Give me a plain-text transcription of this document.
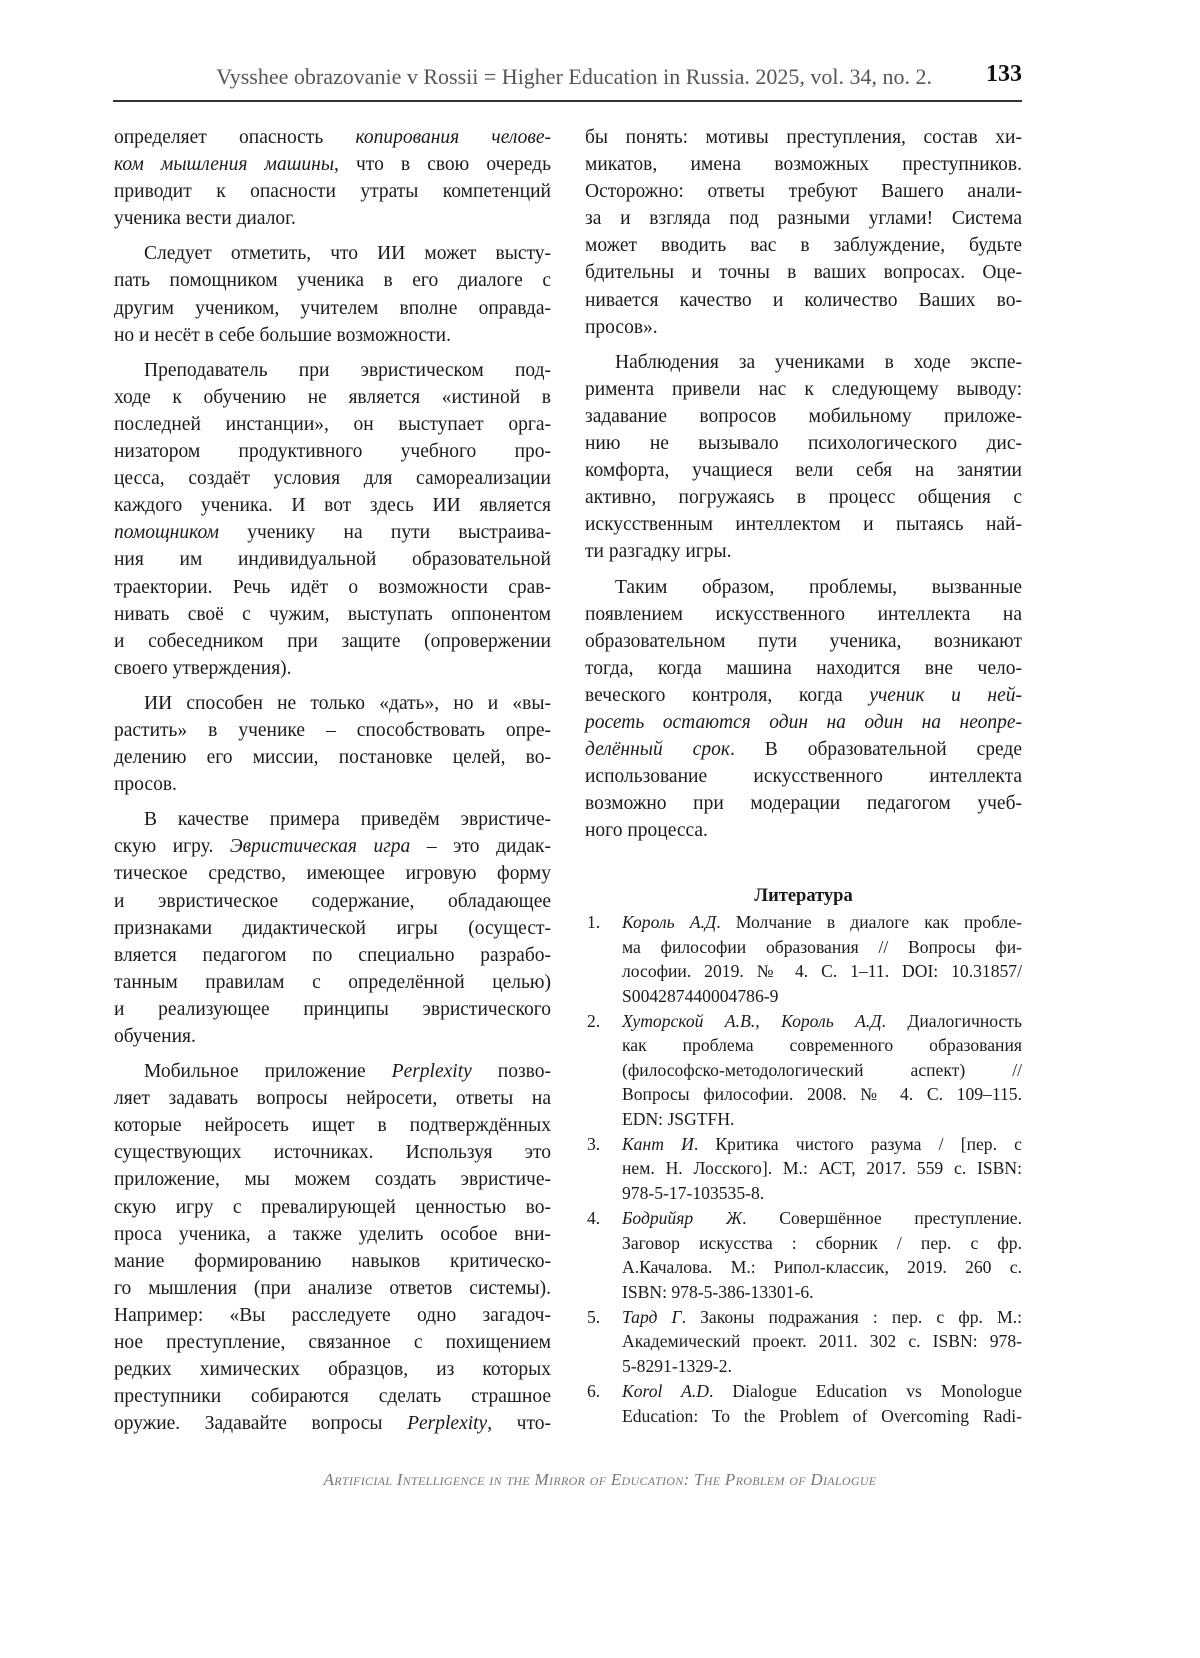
Vysshee obrazovanie v Rossii = Higher Education in Russia. 2025, vol. 34, no. 2. 133
определяет опасность копирования челове-
ком мышления машины, что в свою очередь
приводит к опасности утраты компетенций
ученика вести диалог.
Следует отметить, что ИИ может высту-
пать помощником ученика в его диалоге с
другим учеником, учителем вполне оправда-
но и несёт в себе большие возможности.
Преподаватель при эвристическом под-
ходе к обучению не является «истиной в
последней инстанции», он выступает орга-
низатором продуктивного учебного про-
цесса, создаёт условия для самореализации
каждого ученика. И вот здесь ИИ является
помощником ученику на пути выстраива-
ния им индивидуальной образовательной
траектории. Речь идёт о возможности срав-
нивать своё с чужим, выступать оппонентом
и собеседником при защите (опровержении
своего утверждения).
ИИ способен не только «дать», но и «вы-
растить» в ученике – способствовать опре-
делению его миссии, постановке целей, во-
просов.
В качестве примера приведём эвристиче-
скую игру. Эвристическая игра – это дидак-
тическое средство, имеющее игровую форму
и эвристическое содержание, обладающее
признаками дидактической игры (осущест-
вляется педагогом по специально разрабо-
танным правилам с определённой целью)
и реализующее принципы эвристического
обучения.
Мобильное приложение Perplexity позво-
ляет задавать вопросы нейросети, ответы на
которые нейросеть ищет в подтверждённых
существующих источниках. Используя это
приложение, мы можем создать эвристиче-
скую игру с превалирующей ценностью во-
проса ученика, а также уделить особое вни-
мание формированию навыков критическо-
го мышления (при анализе ответов системы).
Например: «Вы расследуете одно загадоч-
ное преступление, связанное с похищением
редких химических образцов, из которых
преступники собираются сделать страшное
оружие. Задавайте вопросы Perplexity, что-
бы понять: мотивы преступления, состав хи-
микатов, имена возможных преступников.
Осторожно: ответы требуют Вашего анали-
за и взгляда под разными углами! Система
может вводить вас в заблуждение, будьте
бдительны и точны в ваших вопросах. Оце-
нивается качество и количество Ваших во-
просов».
Наблюдения за учениками в ходе экспе-
римента привели нас к следующему выводу:
задавание вопросов мобильному приложе-
нию не вызывало психологического дис-
комфорта, учащиеся вели себя на занятии
активно, погружаясь в процесс общения с
искусственным интеллектом и пытаясь най-
ти разгадку игры.
Таким образом, проблемы, вызванные
появлением искусственного интеллекта на
образовательном пути ученика, возникают
тогда, когда машина находится вне чело-
веческого контроля, когда ученик и ней-
росеть остаются один на один на неопре-
делённый срок. В образовательной среде
использование искусственного интеллекта
возможно при модерации педагогом учеб-
ного процесса.
Литература
1. Король А.Д. Молчание в диалоге как пробле-
ма философии образования // Вопросы фи-
лософии. 2019. № 4. С. 1–11. DOI: 10.31857/
S004287440004786-9
2. Хуторской А.В., Король А.Д. Диалогичность
как проблема современного образования
(философско-методологический аспект) //
Вопросы философии. 2008. № 4. С. 109–115.
EDN: JSGTFH.
3. Кант И. Критика чистого разума / [пер. с
нем. Н. Лосского]. М.: АСТ, 2017. 559 с. ISBN:
978-5-17-103535-8.
4. Бодрийяр Ж. Совершённое преступление.
Заговор искусства : сборник / пер. с фр.
А.Качалова. М.: Рипол-классик, 2019. 260 с.
ISBN: 978-5-386-13301-6.
5. Тард Г. Законы подражания : пер. с фр. М.:
Академический проект. 2011. 302 с. ISBN: 978-
5-8291-1329-2.
6. Korol A.D. Dialogue Education vs Monologue
Education: To the Problem of Overcoming Radi-
Artificial Intelligence in the Mirror of Education: The Problem of Dialogue
